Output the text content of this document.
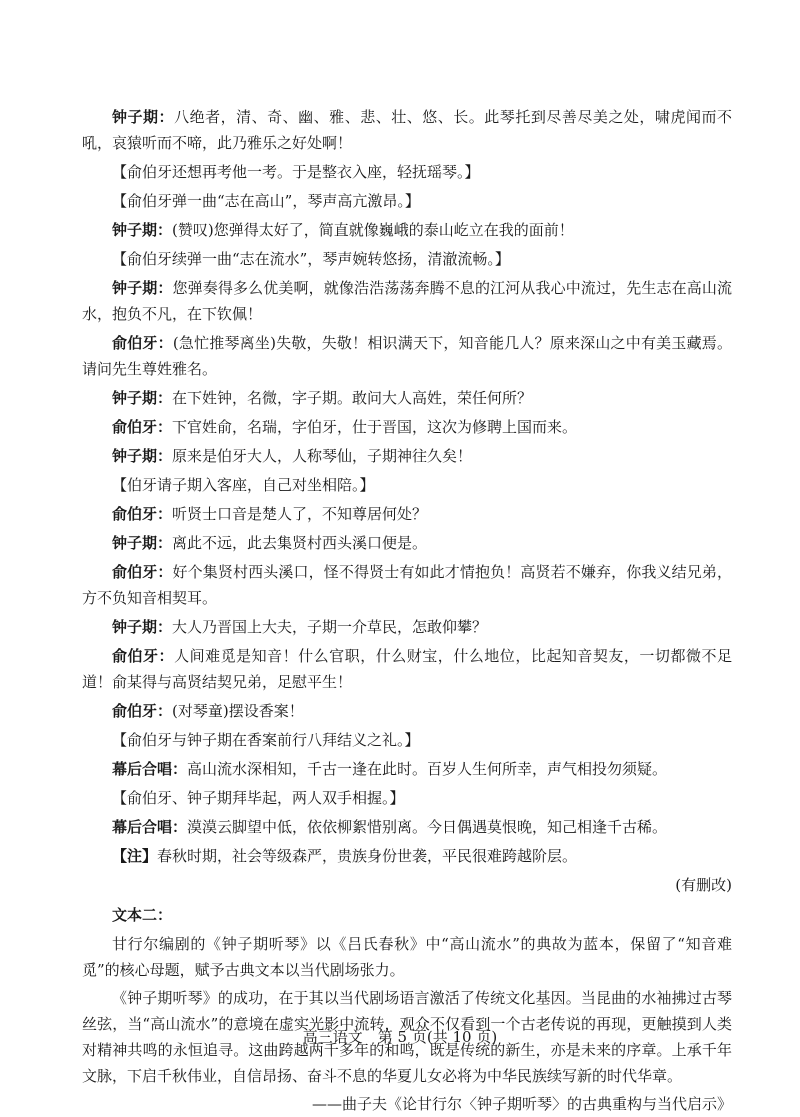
钟子期：八绝者，清、奇、幽、雅、悲、壮、悠、长。此琴托到尽善尽美之处，啸虎闻而不吼，哀猿听而不啼，此乃雅乐之好处啊！

【俞伯牙还想再考他一考。于是整衣入座，轻抚瑶琴。】

【俞伯牙弹一曲“志在高山”，琴声高亢激昂。】

钟子期：(赞叹)您弹得太好了，简直就像巍峨的泰山屹立在我的面前！

【俞伯牙续弹一曲“志在流水”，琴声婉转悠扬，清澈流畅。】

钟子期：您弹奏得多么优美啊，就像浩浩荡荡奔腾不息的江河从我心中流过，先生志在高山流水，抱负不凡，在下钦佩！

俞伯牙：(急忙推琴离坐)失敬，失敬！相识满天下，知音能几人？原来深山之中有美玉藏焉。请问先生尊姓雅名。

钟子期：在下姓钟，名微，字子期。敢问大人高姓，荣任何所？

俞伯牙：下官姓俞，名瑞，字伯牙，仕于晋国，这次为修聘上国而来。

钟子期：原来是伯牙大人，人称琴仙，子期神往久矣！

【伯牙请子期入客座，自己对坐相陪。】

俞伯牙：听贤士口音是楚人了，不知尊居何处？

钟子期：离此不远，此去集贤村西头溪口便是。

俞伯牙：好个集贤村西头溪口，怪不得贤士有如此才情抱负！高贤若不嫌弃，你我义结兄弟，方不负知音相契耳。

钟子期：大人乃晋国上大夫，子期一介草民，怎敢仰攀？

俞伯牙：人间难觅是知音！什么官职，什么财宝，什么地位，比起知音契友，一切都微不足道！俞某得与高贤结契兄弟，足慰平生！

俞伯牙：(对琴童)摆设香案！

【俞伯牙与钟子期在香案前行八拜结义之礼。】

幕后合唱：高山流水深相知，千古一逢在此时。百岁人生何所幸，声气相投勿须疑。

【俞伯牙、钟子期拜毕起，两人双手相握。】

幕后合唱：漠漠云脚望中低，依依柳絮惜别离。今日偶遇莫恨晚，知己相逢千古稀。

【注】春秋时期，社会等级森严，贵族身份世袭，平民很难跨越阶层。

(有删改)

文本二：

甘行尔编剧的《钟子期听琴》以《吕氏春秋》中“高山流水”的典故为蓝本，保留了“知音难觅”的核心母题，赋予古典文本以当代剧场张力。

《钟子期听琴》的成功，在于其以当代剧场语言激活了传统文化基因。当昆曲的水袖拂过古琴丝弦，当“高山流水”的意境在虚实光影中流转，观众不仅看到一个古老传说的再现，更触摸到人类对精神共鸣的永恒追寻。这曲跨越两千多年的和鸣，既是传统的新生，亦是未来的序章。上承千年文脉，下启千秋伟业，自信昂扬、奋斗不息的华夏儿女必将为中华民族续写新的时代华章。

——曲子夫《论甘行尔〈钟子期听琴〉的古典重构与当代启示》

高三语文　第 5 页(共 10 页)
